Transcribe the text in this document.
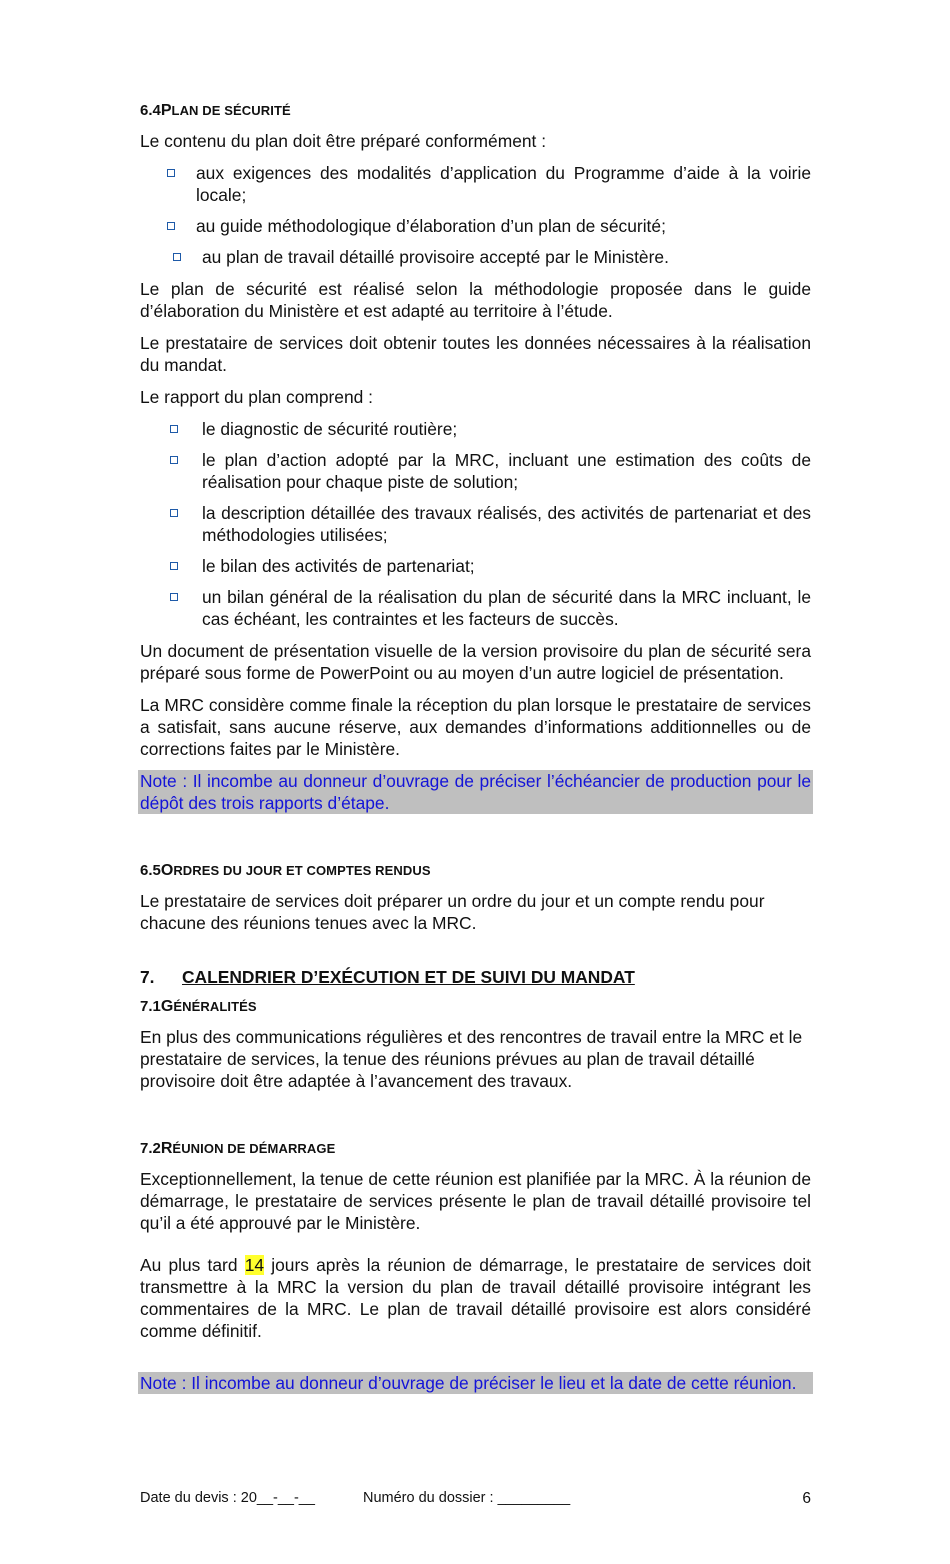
6.4PLAN DE SÉCURITÉ

Le contenu du plan doit être préparé conformément :

aux exigences des modalités d’application du Programme d’aide à la voirie locale;
au guide méthodologique d’élaboration d’un plan de sécurité;
au plan de travail détaillé provisoire accepté par le Ministère.

Le plan de sécurité est réalisé selon la méthodologie proposée dans le guide d’élaboration du Ministère et est adapté au territoire à l’étude.

Le prestataire de services doit obtenir toutes les données nécessaires à la réalisation du mandat.

Le rapport du plan comprend :

le diagnostic de sécurité routière;
le plan d’action adopté par la MRC, incluant une estimation des coûts de réalisation pour chaque piste de solution;
la description détaillée des travaux réalisés, des activités de partenariat et des méthodologies utilisées;
le bilan des activités de partenariat;
un bilan général de la réalisation du plan de sécurité dans la MRC incluant, le cas échéant, les contraintes et les facteurs de succès.

Un document de présentation visuelle de la version provisoire du plan de sécurité sera préparé sous forme de PowerPoint ou au moyen d’un autre logiciel de présentation.

La MRC considère comme finale la réception du plan lorsque le prestataire de services a satisfait, sans aucune réserve, aux demandes d’informations additionnelles ou de corrections faites par le Ministère.

Note : Il incombe au donneur d’ouvrage de préciser l’échéancier de production pour le dépôt des trois rapports d’étape.

6.5ORDRES DU JOUR ET COMPTES RENDUS

Le prestataire de services doit préparer un ordre du jour et un compte rendu pour chacune des réunions tenues avec la MRC.

7. CALENDRIER D’EXÉCUTION ET DE SUIVI DU MANDAT
7.1GÉNÉRALITÉS

En plus des communications régulières et des rencontres de travail entre la MRC et le prestataire de services, la tenue des réunions prévues au plan de travail détaillé provisoire doit être adaptée à l’avancement des travaux.

7.2RÉUNION DE DÉMARRAGE

Exceptionnellement, la tenue de cette réunion est planifiée par la MRC. À la réunion de démarrage, le prestataire de services présente le plan de travail détaillé provisoire tel qu’il a été approuvé par le Ministère.

Au plus tard 14 jours après la réunion de démarrage, le prestataire de services doit transmettre à la MRC la version du plan de travail détaillé provisoire intégrant les commentaires de la MRC. Le plan de travail détaillé provisoire est alors considéré comme définitif.

Note : Il incombe au donneur d’ouvrage de préciser le lieu et la date de cette réunion.

Date du devis : 20__-__-__	Numéro du dossier : _________	6
